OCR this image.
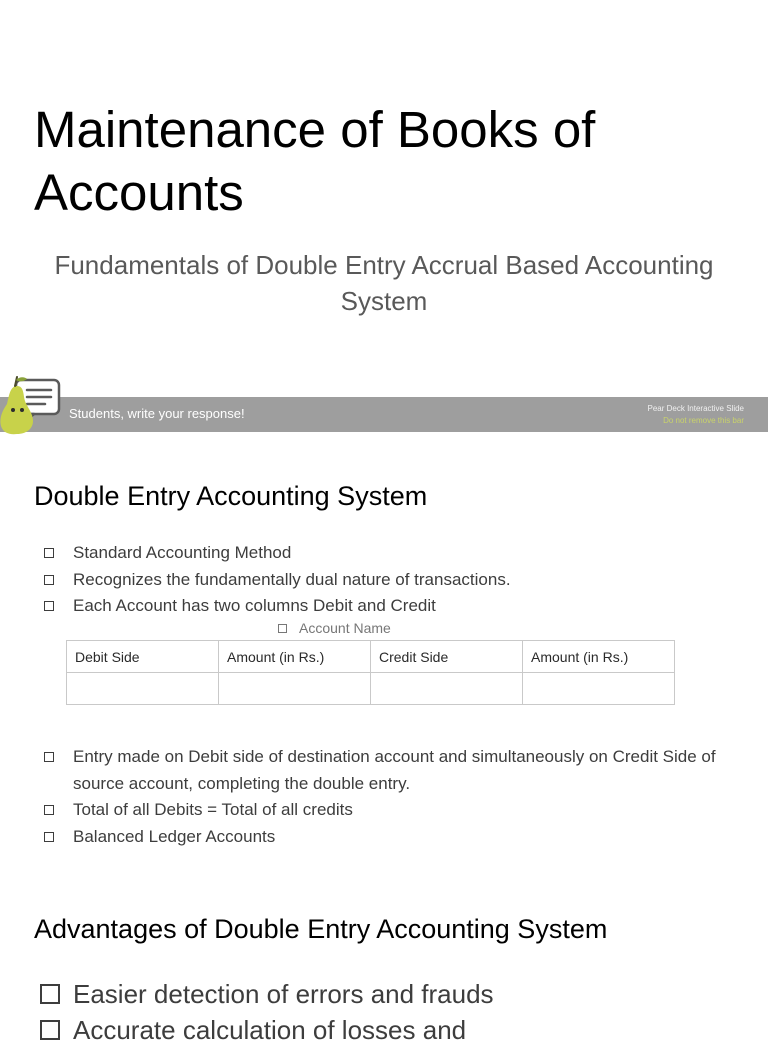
Maintenance of Books of Accounts

Fundamentals of Double Entry Accrual Based Accounting System

Students, write your response!	Pear Deck Interactive Slide
Do not remove this bar
Double Entry Accounting System
Standard Accounting Method
Recognizes the fundamentally dual nature of transactions.
Each Account has two columns Debit and Credit
Account Name
Debit Side	Amount (in Rs.)	Credit Side	Amount (in Rs.)

Entry made on Debit side of destination account and simultaneously on Credit Side of source account, completing the double entry.
Total of all Debits = Total of all credits
Balanced Ledger Accounts
Advantages of Double Entry Accounting System
Easier detection of errors and frauds
Accurate calculation of losses and
